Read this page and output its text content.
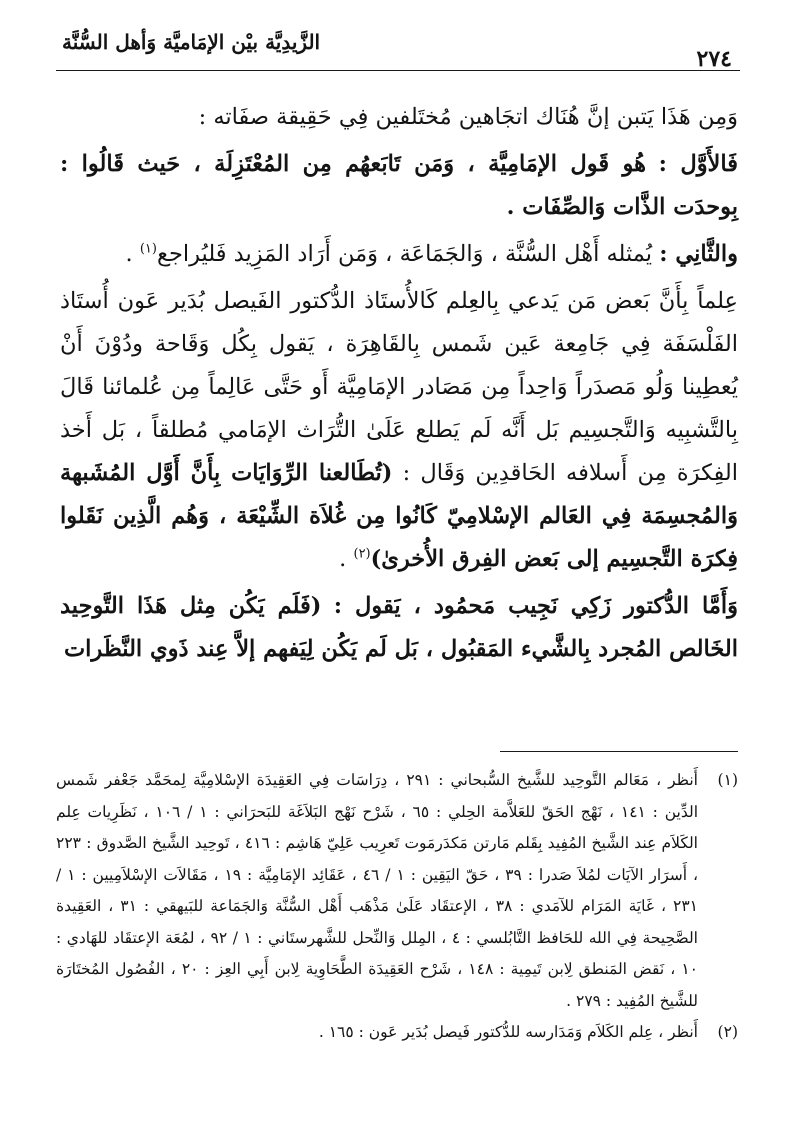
٢٧٤
الزَّيدِيَّة بيْن الإمَاميَّة وَأهل السُّنَّة

وَمِن هَذَا يَتبن إنَّ هُنَاك اتجَاهين مُختَلفين فِي حَقِيقة صفَاته :

فَالأَوَّل : هُو قَول الإمَامِيَّة ، وَمَن تَابَعهُم مِن المُعْتَزِلَة ، حَيث قَالُوا : بِوحدَت الذَّات وَالصِّفَات .

والثَّانِي : يُمثله أَهْل السُّنَّة ، وَالجَمَاعَة ، وَمَن أَرَاد المَزِيد فَليُراجع$^{(١)}$ .

عِلماً بِأَنَّ بَعض مَن يَدعي بِالعِلم كَالأُستَاذ الدُّكتور الفَيصل بُدَير عَون أُستَاذ الفَلْسَفَة فِي جَامِعة عَين شَمس بِالقَاهِرَة ، يَقول بِكُل وَقَاحة ودُوْنَ أَنْ يُعطِينا وَلُو مَصدَراً وَاحِداً مِن مَصَادر الإمَامِيَّة أَو حَتَّى عَالِماً مِن عُلمائنا قَالَ بِالتَّشبِيه وَالتَّجسِيم بَل أَنَّه لَم يَطلع عَلَىٰ التُّرَاث الإمَامي مُطلقاً ، بَل أَخذ الفِكرَة مِن أَسلافه الحَاقدِين وَقَال : (تُطَالعنا الرِّوَايَات بِأَنَّ أَوَّل المُشَبهة وَالمُجسِمَة فِي العَالم الإسْلامِيّ كَانُوا مِن غُلاَة الشِّيْعَة ، وَهُم الَّذِين نَقَلوا فِكرَة التَّجسِيم إلى بَعض الفِرق الأُخرىٰ)$^{(٢)}$ .

وَأَمَّا الدُّكتور زَكِي نَجِيب مَحمُود ، يَقول : (فَلَم يَكُن مِثل هَذَا التَّوحِيد الخَالص المُجرد بِالشَّيء المَقبُول ، بَل لَم يَكُن لِيَفهم إلاَّ عِند ذَوي النَّظَرات

(١)
أَنظر ، مَعَالم التَّوحِيد للشَّيخ السُّبحاني : ٢٩١ ، دِرَاسَات فِي العَقِيدَة الإسْلامِيَّة لِمحَمَّد جَعْفر شَمس الدِّين : ١٤١ ، نَهْج الحَقّ للعَلاَّمة الحِلي : ٦٥ ، شَرْح نَهْج البَلاَغَة للبَحرَاني : ١ / ١٠٦ ، نَظَرِيات عِلم الكَلاَم عِند الشَّيخ المُفِيد بِقَلم مَارتن مَكدَرمَوت تَعرِيب عَلِيّ هَاشِم : ٤١٦ ، تَوحِيد الشَّيخ الصَّدوق : ٢٢٣ ، أَسرَار الآيَات لمُلاَ صَدرا : ٣٩ ، حَقّ اليَقِين : ١ / ٤٦ ، عَقَائِد الإمَامِيَّة : ١٩ ، مَقَالاَت الإسْلاَمِيين : ١ / ٢٣١ ، غَايَة المَرَام للآمَدي : ٣٨ ، الإعتقَاد عَلَىٰ مَذْهَب أَهْل السُّنَّة وَالجَمَاعة للبَيهقي : ٣١ ، العَقِيدة الصَّحِيحة فِي الله للحَافظ التَّابُلسي : ٤ ، المِلل وَالنِّحل للشَّهرستَاني : ١ / ٩٢ ، لمُعَة الإعتقَاد للهَادي : ١٠ ، نَقض المَنطق لِابن تَيمِية : ١٤٨ ، شَرْح العَقِيدَة الطَّحَاوِية لِابن أَبِي العِز : ٢٠ ، الفُصُول المُختَارَة للشَّيخ المُفِيد : ٢٧٩ .

(٢)
أَنظر ، عِلم الكَلاَم وَمَدَارسه للدُّكتور فَيصل بُدَير عَون : ١٦٥ .
